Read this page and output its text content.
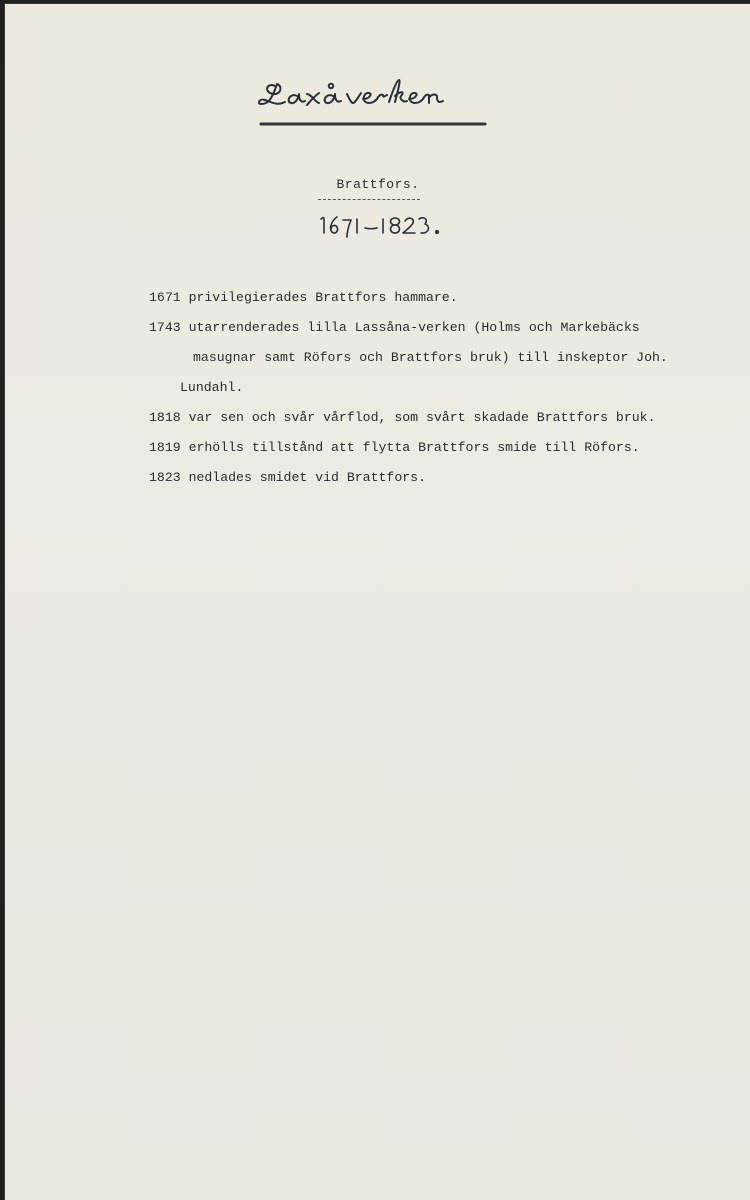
Brattfors.
1671 privilegierades Brattfors hammare.
1743 utarrenderades lilla Lassåna-verken (Holms och Markebäcks
masugnar samt Röfors och Brattfors bruk) till inskeptor Joh.
Lundahl.
1818 var sen och svår vårflod, som svårt skadade Brattfors bruk.
1819 erhölls tillstånd att flytta Brattfors smide till Röfors.
1823 nedlades smidet vid Brattfors.
